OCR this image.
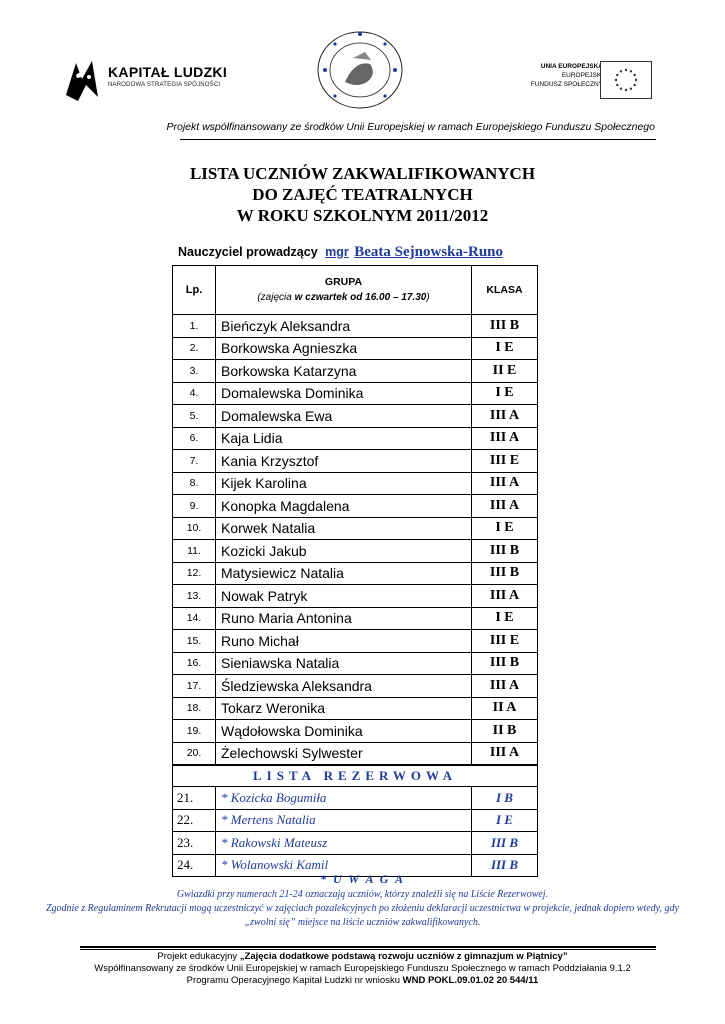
KAPITAŁ LUDZKI
NARODOWA STRATEGIA SPÓJNOŚCI
UNIA EUROPEJSKA
EUROPEJSKI
FUNDUSZ SPOŁECZNY
Projekt współfinansowany ze środków Unii Europejskiej w ramach Europejskiego Funduszu Społecznego
LISTA UCZNIÓW ZAKWALIFIKOWANYCH
DO ZAJĘĆ TEATRALNYCH
W ROKU SZKOLNYM 2011/2012
Nauczyciel prowadzący mgr Beata Sejnowska-Runo
Lp.	GRUPA
(zajęcia w czwartek od 16.00 – 17.30)	KLASA
1.	Bieńczyk Aleksandra	III B
2.	Borkowska Agnieszka	I E
3.	Borkowska Katarzyna	II E
4.	Domalewska Dominika	I E
5.	Domalewska Ewa	III A
6.	Kaja Lidia	III A
7.	Kania Krzysztof	III E
8.	Kijek Karolina	III A
9.	Konopka Magdalena	III A
10.	Korwek Natalia	I E
11.	Kozicki Jakub	III B
12.	Matysiewicz Natalia	III B
13.	Nowak Patryk	III A
14.	Runo Maria Antonina	I E
15.	Runo Michał	III E
16.	Sieniawska Natalia	III B
17.	Śledziewska Aleksandra	III A
18.	Tokarz Weronika	II A
19.	Wądołowska Dominika	II B
20.	Żelechowski Sylwester	III A
LISTA REZERWOWA		
21.	* Kozicka Bogumiła	I B
22.	* Mertens Natalia	I E
23.	* Rakowski Mateusz	III B
24.	* Wolanowski Kamil	III B
* U W A G A
Gwiazdki przy numerach 21-24 oznaczają uczniów, którzy znaleźli się na Liście Rezerwowej.
Zgodnie z Regulaminem Rekrutacji mogą uczestniczyć w zajęciach pozalekcyjnych po złożeniu deklaracji uczestnictwa w projekcie, jednak dopiero wtedy, gdy „zwolni się” miejsce na liście uczniów zakwalifikowanych.
Projekt edukacyjny „Zajęcia dodatkowe podstawą rozwoju uczniów z gimnazjum w Piątnicy”
Współfinansowany ze środków Unii Europejskiej w ramach Europejskiego Funduszu Społecznego w ramach Poddziałania 9.1.2
Programu Operacyjnego Kapitał Ludzki nr wniosku WND POKL.09.01.02 20 544/11
